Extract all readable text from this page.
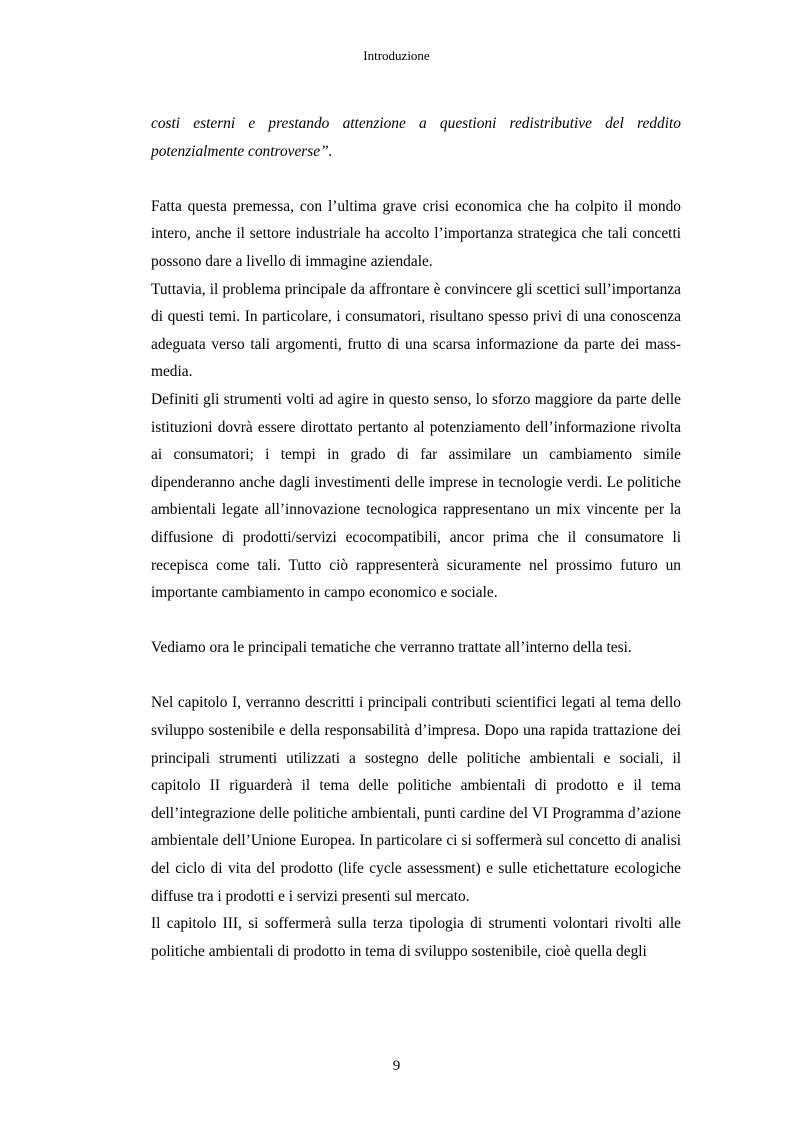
Introduzione

costi esterni e prestando attenzione a questioni redistributive del reddito potenzialmente controverse”.

Fatta questa premessa, con l’ultima grave crisi economica che ha colpito il mondo intero, anche il settore industriale ha accolto l’importanza strategica che tali concetti possono dare a livello di immagine aziendale.

Tuttavia, il problema principale da affrontare è convincere gli scettici sull’importanza di questi temi. In particolare, i consumatori, risultano spesso privi di una conoscenza adeguata verso tali argomenti, frutto di una scarsa informazione da parte dei mass-media.

Definiti gli strumenti volti ad agire in questo senso, lo sforzo maggiore da parte delle istituzioni dovrà essere dirottato pertanto al potenziamento dell’informazione rivolta ai consumatori; i tempi in grado di far assimilare un cambiamento simile dipenderanno anche dagli investimenti delle imprese in tecnologie verdi. Le politiche ambientali legate all’innovazione tecnologica rappresentano un mix vincente per la diffusione di prodotti/servizi ecocompatibili, ancor prima che il consumatore li recepisca come tali. Tutto ciò rappresenterà sicuramente nel prossimo futuro un importante cambiamento in campo economico e sociale.

Vediamo ora le principali tematiche che verranno trattate all’interno della tesi.

Nel capitolo I, verranno descritti i principali contributi scientifici legati al tema dello sviluppo sostenibile e della responsabilità d’impresa. Dopo una rapida trattazione dei principali strumenti utilizzati a sostegno delle politiche ambientali e sociali, il capitolo II riguarderà il tema delle politiche ambientali di prodotto e il tema dell’integrazione delle politiche ambientali, punti cardine del VI Programma d’azione ambientale dell’Unione Europea. In particolare ci si soffermerà sul concetto di analisi del ciclo di vita del prodotto (life cycle assessment) e sulle etichettature ecologiche diffuse tra i prodotti e i servizi presenti sul mercato.

Il capitolo III, si soffermerà sulla terza tipologia di strumenti volontari rivolti alle politiche ambientali di prodotto in tema di sviluppo sostenibile, cioè quella degli

9
